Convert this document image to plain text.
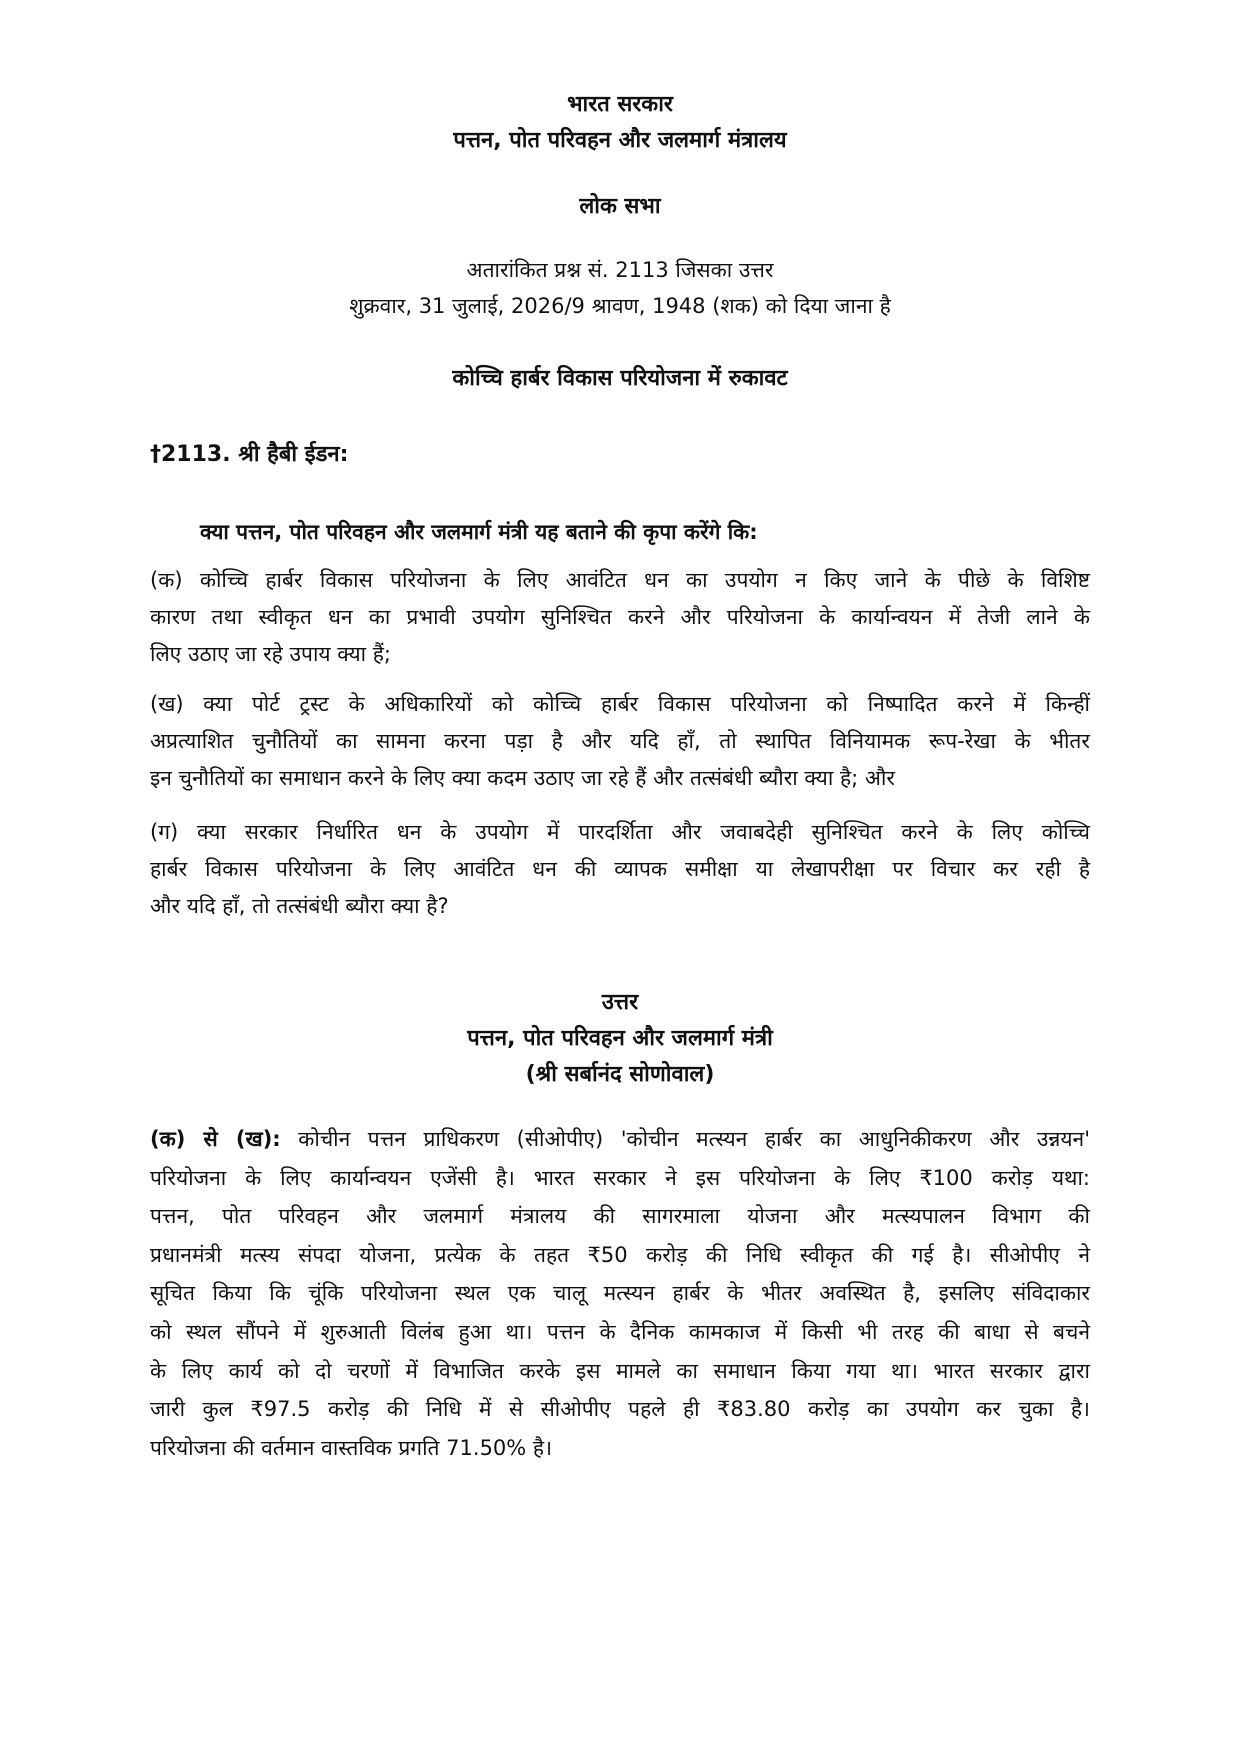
भारत सरकार
पत्तन, पोत परिवहन और जलमार्ग मंत्रालय
लोक सभा
अतारांकित प्रश्न सं. 2113 जिसका उत्तर
शुक्रवार, 31 जुलाई, 2026/9 श्रावण, 1948 (शक) को दिया जाना है
कोच्चि हार्बर विकास परियोजना में रुकावट
†2113. श्री हैबी ईडन:
क्या पत्तन, पोत परिवहन और जलमार्ग मंत्री यह बताने की कृपा करेंगे कि:
(क) कोच्चि हार्बर विकास परियोजना के लिए आवंटित धन का उपयोग न किए जाने के पीछे के विशिष्ट
कारण तथा स्वीकृत धन का प्रभावी उपयोग सुनिश्चित करने और परियोजना के कार्यान्वयन में तेजी लाने के
लिए उठाए जा रहे उपाय क्या हैं;
(ख) क्या पोर्ट ट्रस्ट के अधिकारियों को कोच्चि हार्बर विकास परियोजना को निष्पादित करने में किन्हीं
अप्रत्याशित चुनौतियों का सामना करना पड़ा है और यदि हाँ, तो स्थापित विनियामक रूप-रेखा के भीतर
इन चुनौतियों का समाधान करने के लिए क्या कदम उठाए जा रहे हैं और तत्संबंधी ब्यौरा क्या है; और
(ग) क्या सरकार निर्धारित धन के उपयोग में पारदर्शिता और जवाबदेही सुनिश्चित करने के लिए कोच्चि
हार्बर विकास परियोजना के लिए आवंटित धन की व्यापक समीक्षा या लेखापरीक्षा पर विचार कर रही है
और यदि हाँ, तो तत्संबंधी ब्यौरा क्या है?
उत्तर
पत्तन, पोत परिवहन और जलमार्ग मंत्री
(श्री सर्बानंद सोणोवाल)
(क) से (ख): कोचीन पत्तन प्राधिकरण (सीओपीए) 'कोचीन मत्स्यन हार्बर का आधुनिकीकरण और उन्नयन'
परियोजना के लिए कार्यान्वयन एजेंसी है। भारत सरकार ने इस परियोजना के लिए ₹100 करोड़ यथा:
पत्तन, पोत परिवहन और जलमार्ग मंत्रालय की सागरमाला योजना और मत्स्यपालन विभाग की
प्रधानमंत्री मत्स्य संपदा योजना, प्रत्येक के तहत ₹50 करोड़ की निधि स्वीकृत की गई है। सीओपीए ने
सूचित किया कि चूंकि परियोजना स्थल एक चालू मत्स्यन हार्बर के भीतर अवस्थित है, इसलिए संविदाकार
को स्थल सौंपने में शुरुआती विलंब हुआ था। पत्तन के दैनिक कामकाज में किसी भी तरह की बाधा से बचने
के लिए कार्य को दो चरणों में विभाजित करके इस मामले का समाधान किया गया था। भारत सरकार द्वारा
जारी कुल ₹97.5 करोड़ की निधि में से सीओपीए पहले ही ₹83.80 करोड़ का उपयोग कर चुका है।
परियोजना की वर्तमान वास्तविक प्रगति 71.50% है।
